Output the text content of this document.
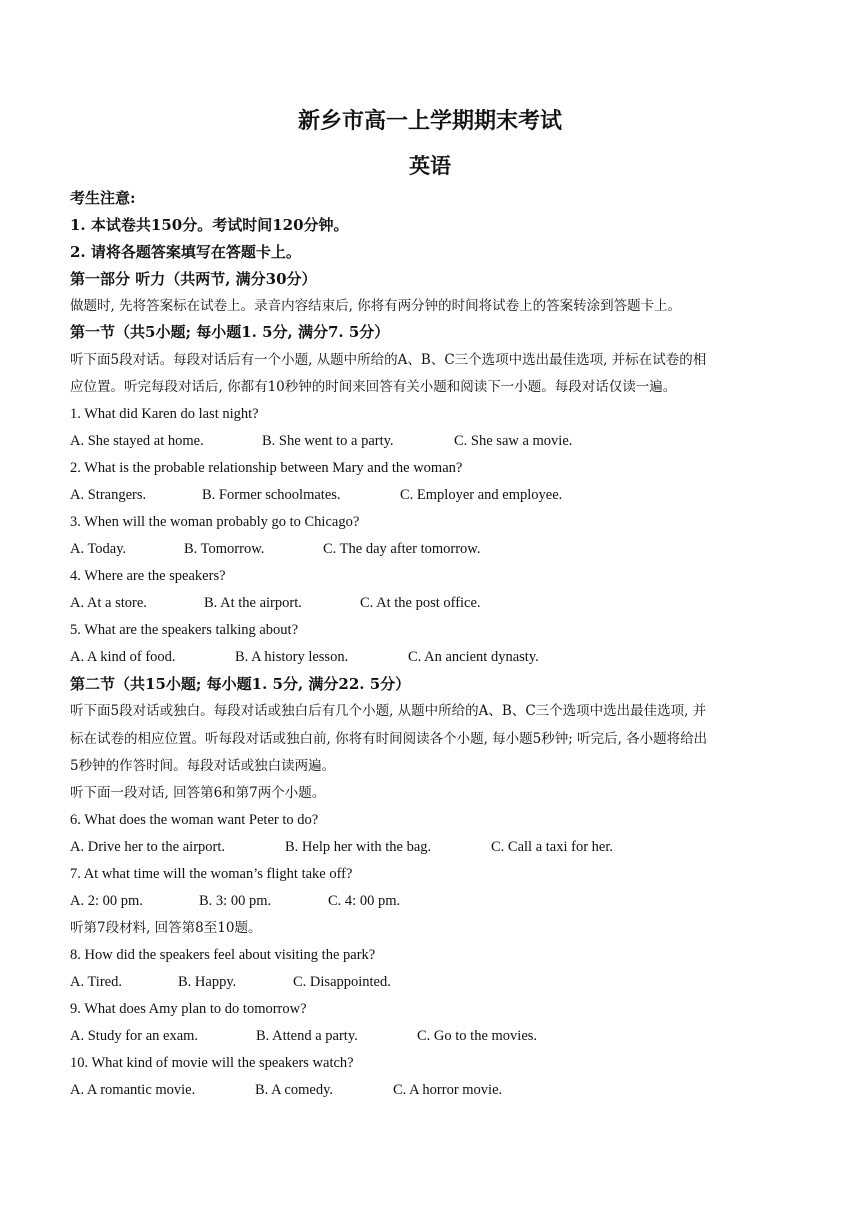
新乡市高一上学期期末考试
英语
考生注意:
1. 本试卷共150分。考试时间120分钟。
2. 请将各题答案填写在答题卡上。
第一部分 听力（共两节, 满分30分）
做题时, 先将答案标在试卷上。录音内容结束后, 你将有两分钟的时间将试卷上的答案转涂到答题卡上。
第一节（共5小题; 每小题1. 5分, 满分7. 5分）
听下面5段对话。每段对话后有一个小题, 从题中所给的A、B、C三个选项中选出最佳选项, 并标在试卷的相
应位置。听完每段对话后, 你都有10秒钟的时间来回答有关小题和阅读下一小题。每段对话仅读一遍。
1. What did Karen do last night?
A. She stayed at home.	B. She went to a party.	C. She saw a movie.
2. What is the probable relationship between Mary and the woman?
A. Strangers.	B. Former schoolmates.	C. Employer and employee.
3. When will the woman probably go to Chicago?
A. Today.	B. Tomorrow.	C. The day after tomorrow.
4. Where are the speakers?
A. At a store.	B. At the airport.	C. At the post office.
5. What are the speakers talking about?
A. A kind of food.	B. A history lesson.	C. An ancient dynasty.
第二节（共15小题; 每小题1. 5分, 满分22. 5分）
听下面5段对话或独白。每段对话或独白后有几个小题, 从题中所给的A、B、C三个选项中选出最佳选项, 并
标在试卷的相应位置。听每段对话或独白前, 你将有时间阅读各个小题, 每小题5秒钟; 听完后, 各小题将给出
5秒钟的作答时间。每段对话或独白读两遍。
听下面一段对话, 回答第6和第7两个小题。
6. What does the woman want Peter to do?
A. Drive her to the airport.	B. Help her with the bag.	C. Call a taxi for her.
7. At what time will the woman’s flight take off?
A. 2: 00 pm.	B. 3: 00 pm.	C. 4: 00 pm.
听第7段材料, 回答第8至10题。
8. How did the speakers feel about visiting the park?
A. Tired.	B. Happy.	C. Disappointed.
9. What does Amy plan to do tomorrow?
A. Study for an exam.	B. Attend a party.	C. Go to the movies.
10. What kind of movie will the speakers watch?
A. A romantic movie.	B. A comedy.	C. A horror movie.
